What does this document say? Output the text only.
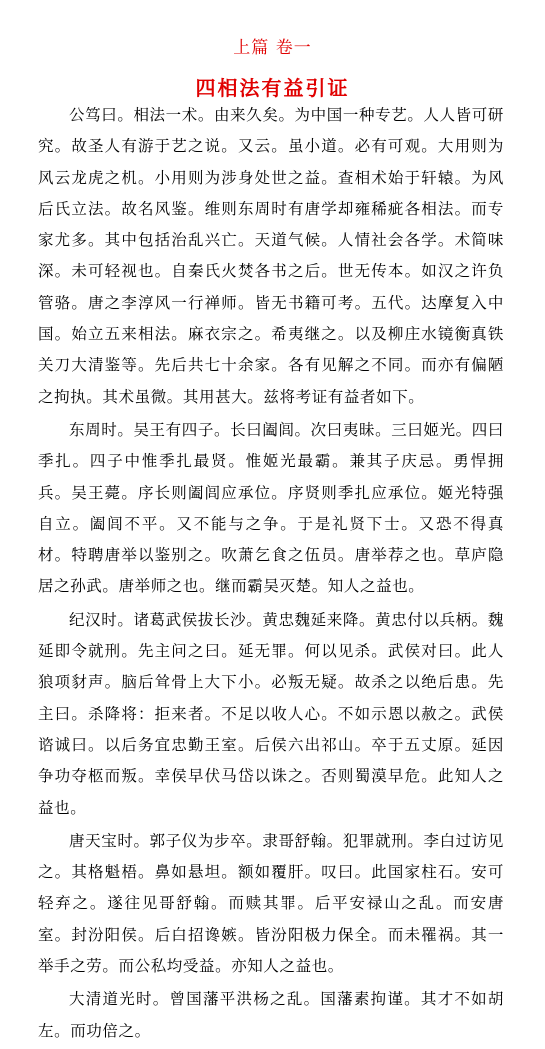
上篇 卷一
四相法有益引证

公笃曰。相法一术。由来久矣。为中国一种专艺。人人皆可研究。故圣人有游于艺之说。又云。虽小道。必有可观。大用则为风云龙虎之机。小用则为涉身处世之益。查相术始于轩辕。为风后氏立法。故名风鉴。维则东周时有唐学却雍稀疵各相法。而专家尤多。其中包括治乱兴亡。天道气候。人情社会各学。术简味深。未可轻视也。自秦氏火焚各书之后。世无传本。如汉之许负管骆。唐之李淳风一行禅师。皆无书籍可考。五代。达摩复入中国。始立五来相法。麻衣宗之。希夷继之。以及柳庄水镜衡真铁关刀大清鉴等。先后共七十余家。各有见解之不同。而亦有偏陋之拘执。其术虽微。其用甚大。兹将考证有益者如下。

东周时。吴王有四子。长曰阖闾。次曰夷昧。三曰姬光。四曰季扎。四子中惟季扎最贤。惟姬光最霸。兼其子庆忌。勇悍拥兵。吴王薨。序长则阖闾应承位。序贤则季扎应承位。姬光特强自立。阖闾不平。又不能与之争。于是礼贤下士。又恐不得真材。特聘唐举以鉴别之。吹萧乞食之伍员。唐举荐之也。草庐隐居之孙武。唐举师之也。继而霸吴灭楚。知人之益也。

纪汉时。诸葛武侯拔长沙。黄忠魏延来降。黄忠付以兵柄。魏延即令就刑。先主问之曰。延无罪。何以见杀。武侯对曰。此人狼项豺声。脑后耸骨上大下小。必叛无疑。故杀之以绝后患。先主曰。杀降将：拒来者。不足以收人心。不如示恩以赦之。武侯谘诚曰。以后务宜忠勤王室。后侯六出祁山。卒于五丈原。延因争功夺柩而叛。幸侯早伏马岱以诛之。否则蜀漠早危。此知人之益也。

唐天宝时。郭子仪为步卒。隶哥舒翰。犯罪就刑。李白过访见之。其格魁梧。鼻如悬坦。额如覆肝。叹曰。此国家柱石。安可轻弃之。遂往见哥舒翰。而赎其罪。后平安禄山之乱。而安唐室。封汾阳侯。后白招谗嫉。皆汾阳极力保全。而未罹祸。其一举手之劳。而公私均受益。亦知人之益也。

大清道光时。曾国藩平洪杨之乱。国藩素拘谨。其才不如胡左。而功倍之。
